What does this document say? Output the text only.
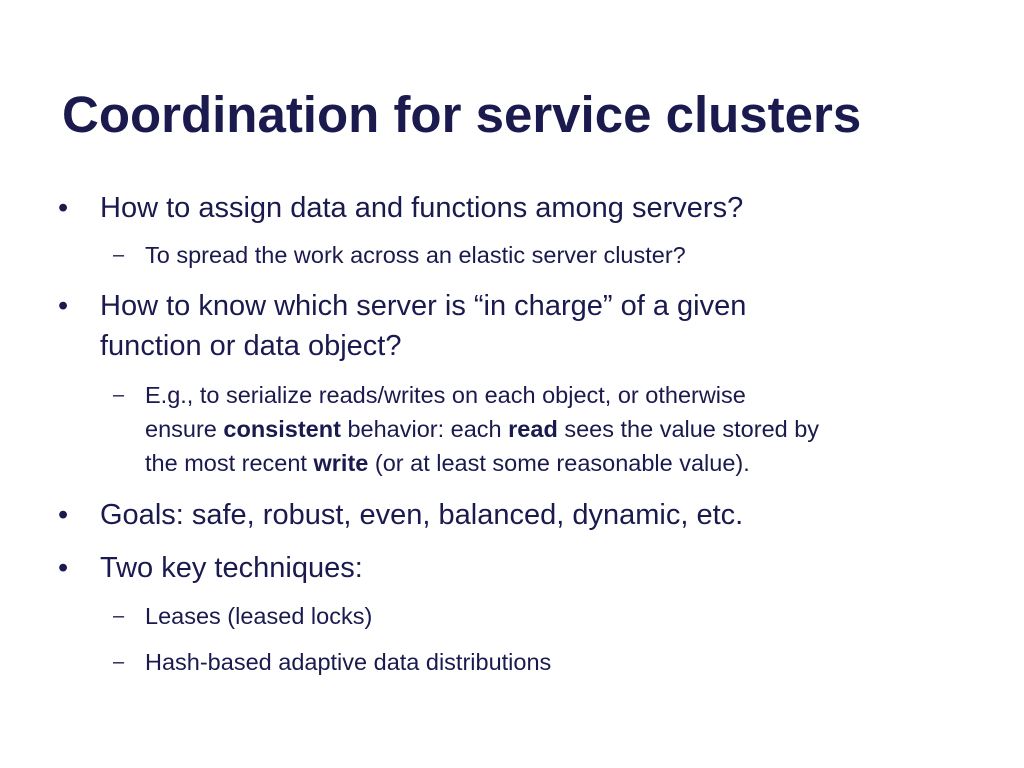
Coordination for service clusters
•	How to assign data and functions among servers?
– To spread the work across an elastic server cluster?
•	How to know which server is “in charge” of a given
function or data object?
– E.g., to serialize reads/writes on each object, or otherwise
ensure consistent behavior: each read sees the value stored by
the most recent write (or at least some reasonable value).
•	Goals: safe, robust, even, balanced, dynamic, etc.
•	Two key techniques:
– Leases (leased locks)
– Hash-based adaptive data distributions
